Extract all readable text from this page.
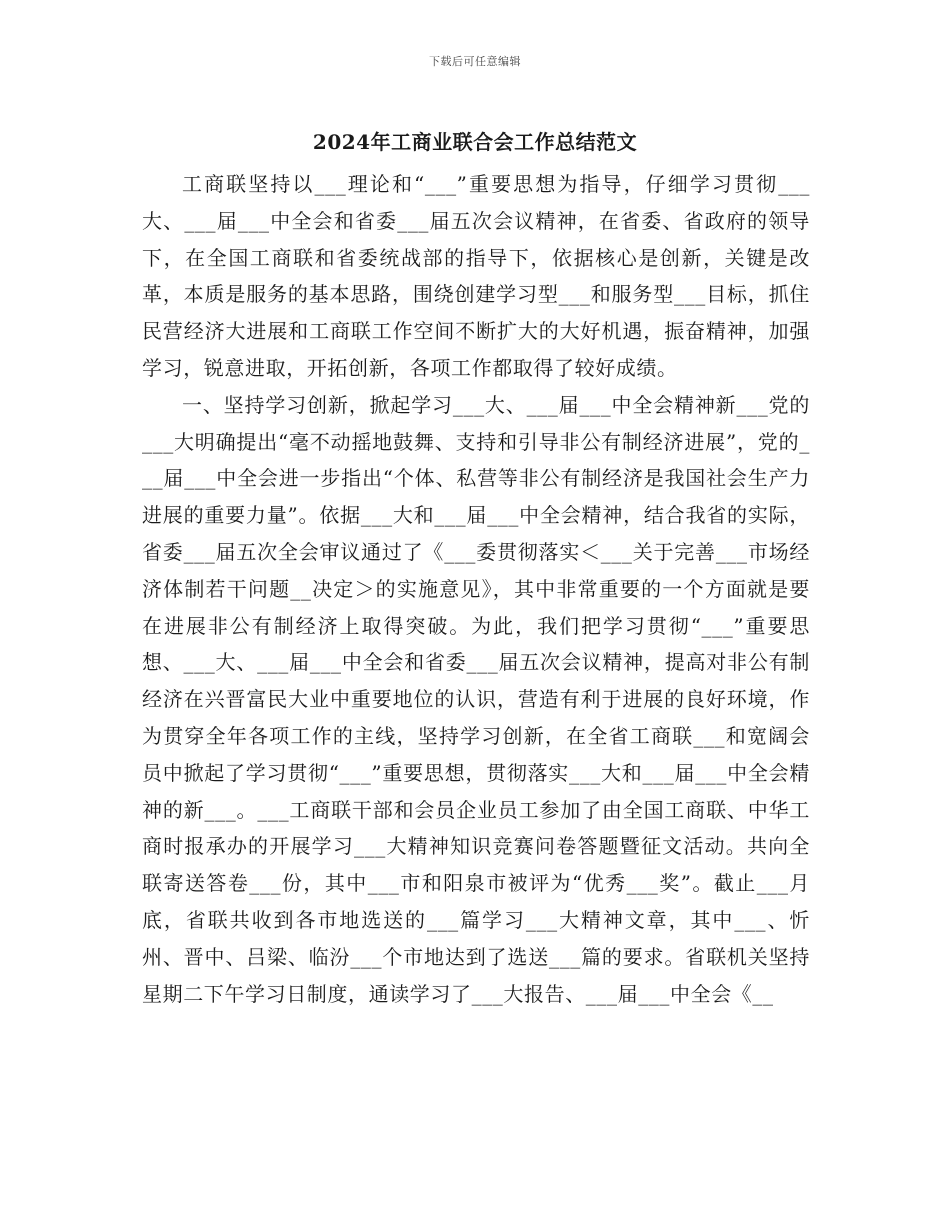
下载后可任意编辑
2024年工商业联合会工作总结范文

工商联坚持以___理论和“___”重要思想为指导，仔细学习贯彻___大、___届___中全会和省委___届五次会议精神，在省委、省政府的领导下，在全国工商联和省委统战部的指导下，依据核心是创新，关键是改革，本质是服务的基本思路，围绕创建学习型___和服务型___目标，抓住民营经济大进展和工商联工作空间不断扩大的大好机遇，振奋精神，加强学习，锐意进取，开拓创新，各项工作都取得了较好成绩。

一、坚持学习创新，掀起学习___大、___届___中全会精神新___党的___大明确提出“毫不动摇地鼓舞、支持和引导非公有制经济进展”，党的___届___中全会进一步指出“个体、私营等非公有制经济是我国社会生产力进展的重要力量”。依据___大和___届___中全会精神，结合我省的实际，省委___届五次全会审议通过了《___委贯彻落实＜___关于完善___市场经济体制若干问题__决定＞的实施意见》，其中非常重要的一个方面就是要在进展非公有制经济上取得突破。为此，我们把学习贯彻“___”重要思想、___大、___届___中全会和省委___届五次会议精神，提高对非公有制经济在兴晋富民大业中重要地位的认识，营造有利于进展的良好环境，作为贯穿全年各项工作的主线，坚持学习创新，在全省工商联___和宽阔会员中掀起了学习贯彻“___”重要思想，贯彻落实___大和___届___中全会精神的新___。___工商联干部和会员企业员工参加了由全国工商联、中华工商时报承办的开展学习___大精神知识竞赛问卷答题暨征文活动。共向全联寄送答卷___份，其中___市和阳泉市被评为“优秀___奖”。截止___月底，省联共收到各市地选送的___篇学习___大精神文章，其中___、忻州、晋中、吕梁、临汾___个市地达到了选送___篇的要求。省联机关坚持星期二下午学习日制度，通读学习了___大报告、___届___中全会《__
